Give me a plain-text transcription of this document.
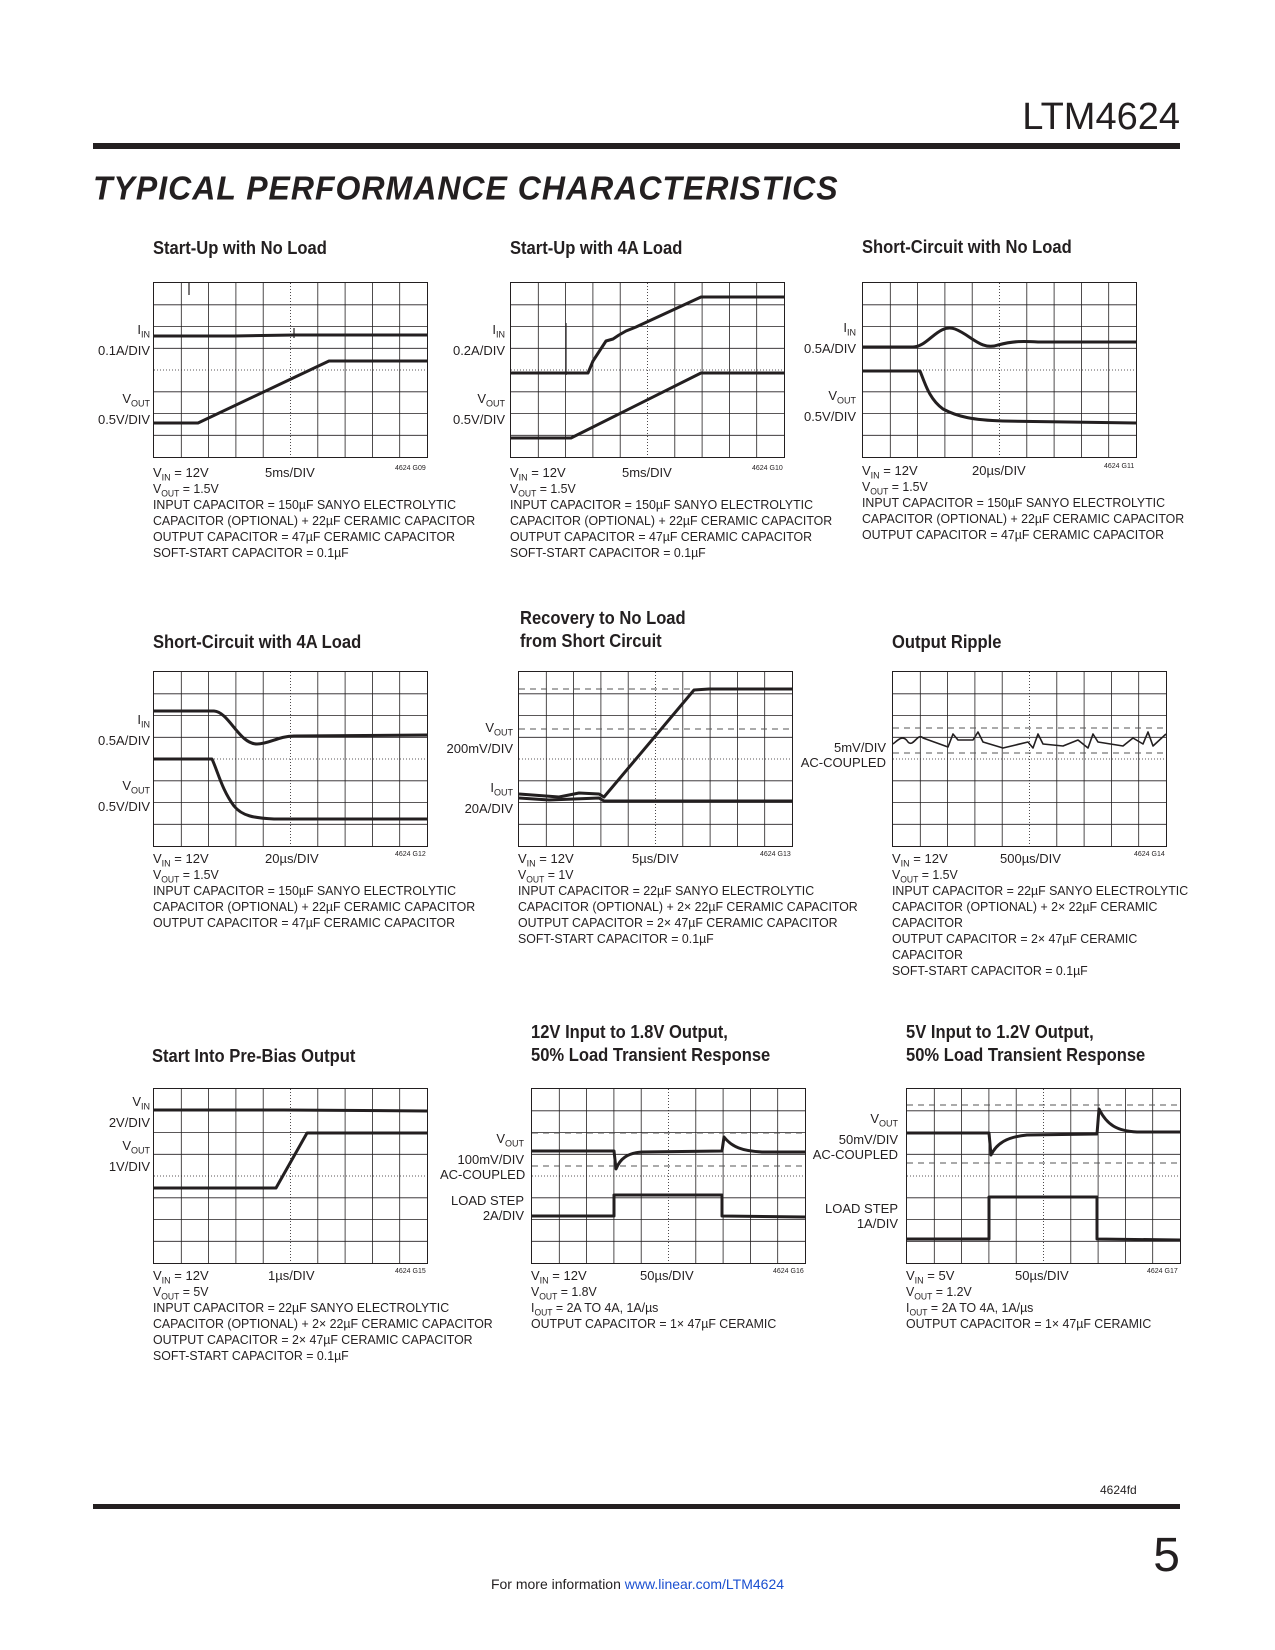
LTM4624
TYPICAL PERFORMANCE CHARACTERISTICS
Start-Up with No Load
$I_{IN}$
0.1A/DIV
$V_{OUT}$
0.5V/DIV
$V_{IN} = 12V$	5ms/DIV	4624 G09
$V_{OUT} = 1.5V$
INPUT CAPACITOR = 150µF SANYO ELECTROLYTIC
CAPACITOR (OPTIONAL) + 22µF CERAMIC CAPACITOR
OUTPUT CAPACITOR = 47µF CERAMIC CAPACITOR
SOFT-START CAPACITOR = 0.1µF
Start-Up with 4A Load
$I_{IN}$
0.2A/DIV
$V_{OUT}$
0.5V/DIV
$V_{IN} = 12V$	5ms/DIV	4624 G10
$V_{OUT} = 1.5V$
INPUT CAPACITOR = 150µF SANYO ELECTROLYTIC
CAPACITOR (OPTIONAL) + 22µF CERAMIC CAPACITOR
OUTPUT CAPACITOR = 47µF CERAMIC CAPACITOR
SOFT-START CAPACITOR = 0.1µF
Short-Circuit with No Load
$I_{IN}$
0.5A/DIV
$V_{OUT}$
0.5V/DIV
$V_{IN} = 12V$	20µs/DIV	4624 G11
$V_{OUT} = 1.5V$
INPUT CAPACITOR = 150µF SANYO ELECTROLYTIC
CAPACITOR (OPTIONAL) + 22µF CERAMIC CAPACITOR
OUTPUT CAPACITOR = 47µF CERAMIC CAPACITOR
Short-Circuit with 4A Load
$I_{IN}$
0.5A/DIV
$V_{OUT}$
0.5V/DIV
$V_{IN} = 12V$	20µs/DIV	4624 G12
$V_{OUT} = 1.5V$
INPUT CAPACITOR = 150µF SANYO ELECTROLYTIC
CAPACITOR (OPTIONAL) + 22µF CERAMIC CAPACITOR
OUTPUT CAPACITOR = 47µF CERAMIC CAPACITOR
Recovery to No Load
from Short Circuit
$V_{OUT}$
200mV/DIV
$I_{OUT}$
20A/DIV
$V_{IN} = 12V$	5µs/DIV	4624 G13
$V_{OUT} = 1V$
INPUT CAPACITOR = 22µF SANYO ELECTROLYTIC
CAPACITOR (OPTIONAL) + 2× 22µF CERAMIC CAPACITOR
OUTPUT CAPACITOR = 2× 47µF CERAMIC CAPACITOR
SOFT-START CAPACITOR = 0.1µF
Output Ripple
5mV/DIV
AC-COUPLED
$V_{IN} = 12V$	500µs/DIV	4624 G14
$V_{OUT} = 1.5V$
INPUT CAPACITOR = 22µF SANYO ELECTROLYTIC
CAPACITOR (OPTIONAL) + 2× 22µF CERAMIC
CAPACITOR
OUTPUT CAPACITOR = 2× 47µF CERAMIC
CAPACITOR
SOFT-START CAPACITOR = 0.1µF
Start Into Pre-Bias Output
$V_{IN}$
2V/DIV
$V_{OUT}$
1V/DIV
$V_{IN} = 12V$	1µs/DIV	4624 G15
$V_{OUT} = 5V$
INPUT CAPACITOR = 22µF SANYO ELECTROLYTIC
CAPACITOR (OPTIONAL) + 2× 22µF CERAMIC CAPACITOR
OUTPUT CAPACITOR = 2× 47µF CERAMIC CAPACITOR
SOFT-START CAPACITOR = 0.1µF
12V Input to 1.8V Output,
50% Load Transient Response
$V_{OUT}$
100mV/DIV
AC-COUPLED
LOAD STEP
2A/DIV
$V_{IN} = 12V$	50µs/DIV	4624 G16
$V_{OUT} = 1.8V$
$I_{OUT} = 2A$ TO 4A, 1A/µs
OUTPUT CAPACITOR = 1× 47µF CERAMIC
5V Input to 1.2V Output,
50% Load Transient Response
$V_{OUT}$
50mV/DIV
AC-COUPLED
LOAD STEP
1A/DIV
$V_{IN} = 5V$	50µs/DIV	4624 G17
$V_{OUT} = 1.2V$
$I_{OUT} = 2A$ TO 4A, 1A/µs
OUTPUT CAPACITOR = 1× 47µF CERAMIC
4624fd
5
For more information www.linear.com/LTM4624
